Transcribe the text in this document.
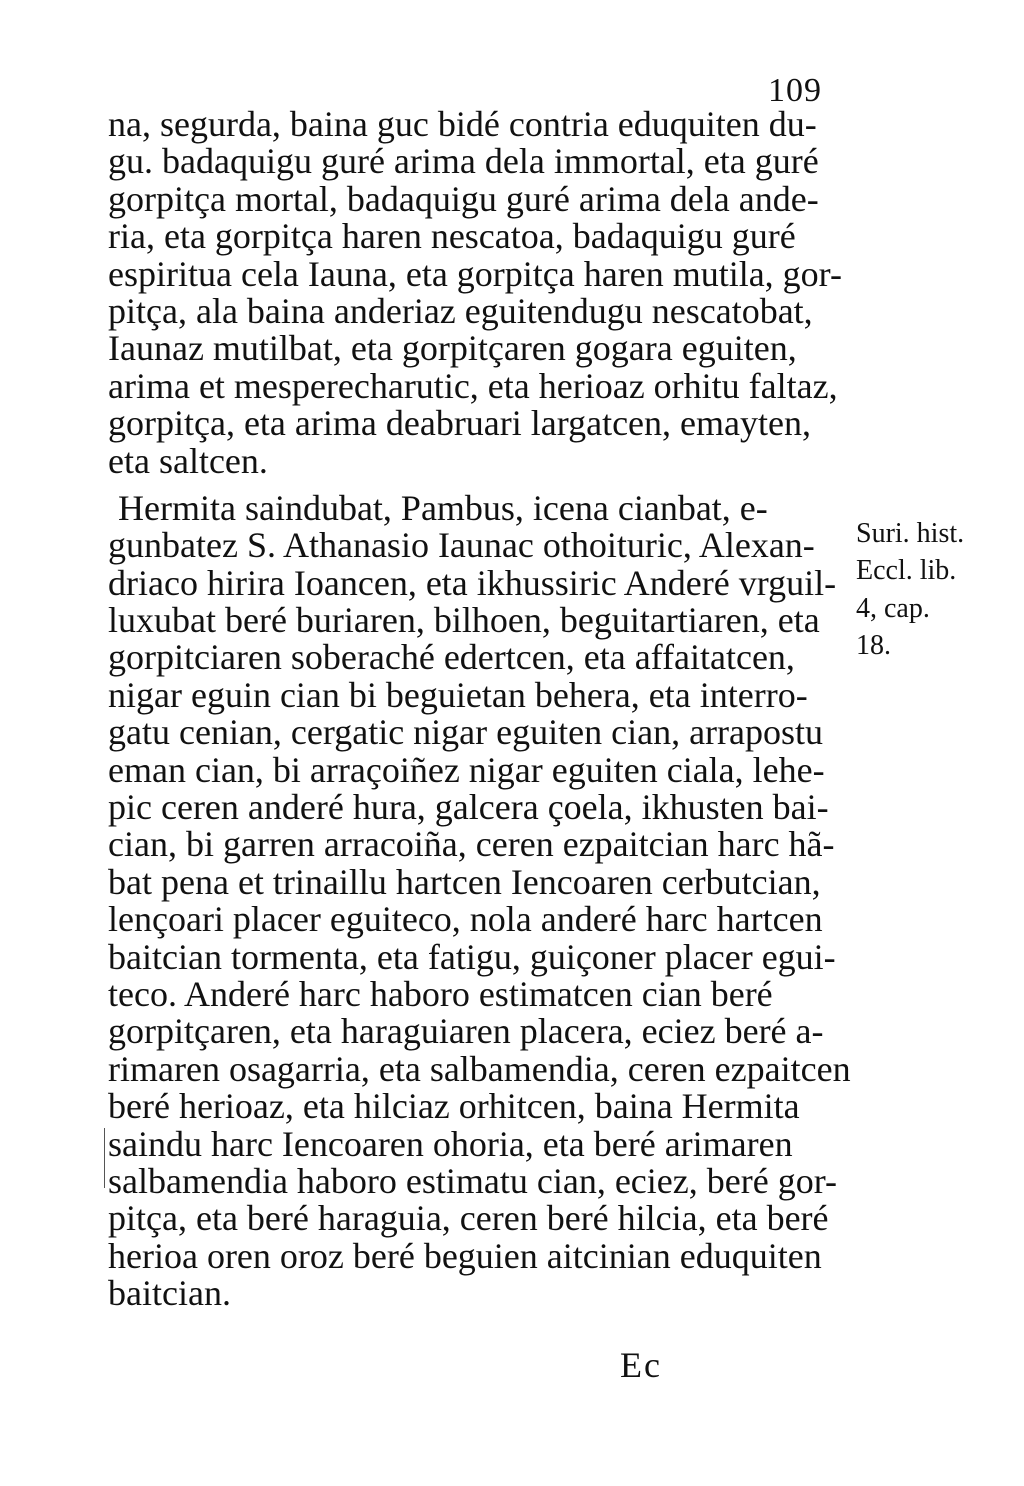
109
na, segurda, baina guc bidé contria eduquiten du-
gu. badaquigu guré arima dela immortal, eta guré
gorpitça mortal, badaquigu guré arima dela ande-
ria, eta gorpitça haren nescatoa, badaquigu guré
espiritua cela Iauna, eta gorpitça haren mutila, gor-
pitça, ala baina anderiaz eguitendugu nescatobat,
Iaunaz mutilbat, eta gorpitçaren gogara eguiten,
arima et mesperecharutic, eta herioaz orhitu faltaz,
gorpitça, eta arima deabruari largatcen, emayten,
eta saltcen.
Hermita saindubat, Pambus, icena cianbat, e-
gunbatez S. Athanasio Iaunac othoituric, Alexan-
driaco hirira Ioancen, eta ikhussiric Anderé vrguil-
luxubat beré buriaren, bilhoen, beguitartiaren, eta
gorpitciaren soberaché edertcen, eta affaitatcen,
nigar eguin cian bi beguietan behera, eta interro-
gatu cenian, cergatic nigar eguiten cian, arrapostu
eman cian, bi arraçoiñez nigar eguiten ciala, lehe-
pic ceren anderé hura, galcera çoela, ikhusten bai-
cian, bi garren arracoiña, ceren ezpaitcian harc hã-
bat pena et trinaillu hartcen Iencoaren cerbutcian,
lençoari placer eguiteco, nola anderé harc hartcen
baitcian tormenta, eta fatigu, guiçoner placer egui-
teco. Anderé harc haboro estimatcen cian beré
gorpitçaren, eta haraguiaren placera, eciez beré a-
rimaren osagarria, eta salbamendia, ceren ezpaitcen
beré herioaz, eta hilciaz orhitcen, baina Hermita
saindu harc Iencoaren ohoria, eta beré arimaren
salbamendia haboro estimatu cian, eciez, beré gor-
pitça, eta beré haraguia, ceren beré hilcia, eta beré
herioa oren oroz beré beguien aitcinian eduquiten
baitcian.
Suri. hist.
Eccl. lib.
4, cap.
18.
Ec
